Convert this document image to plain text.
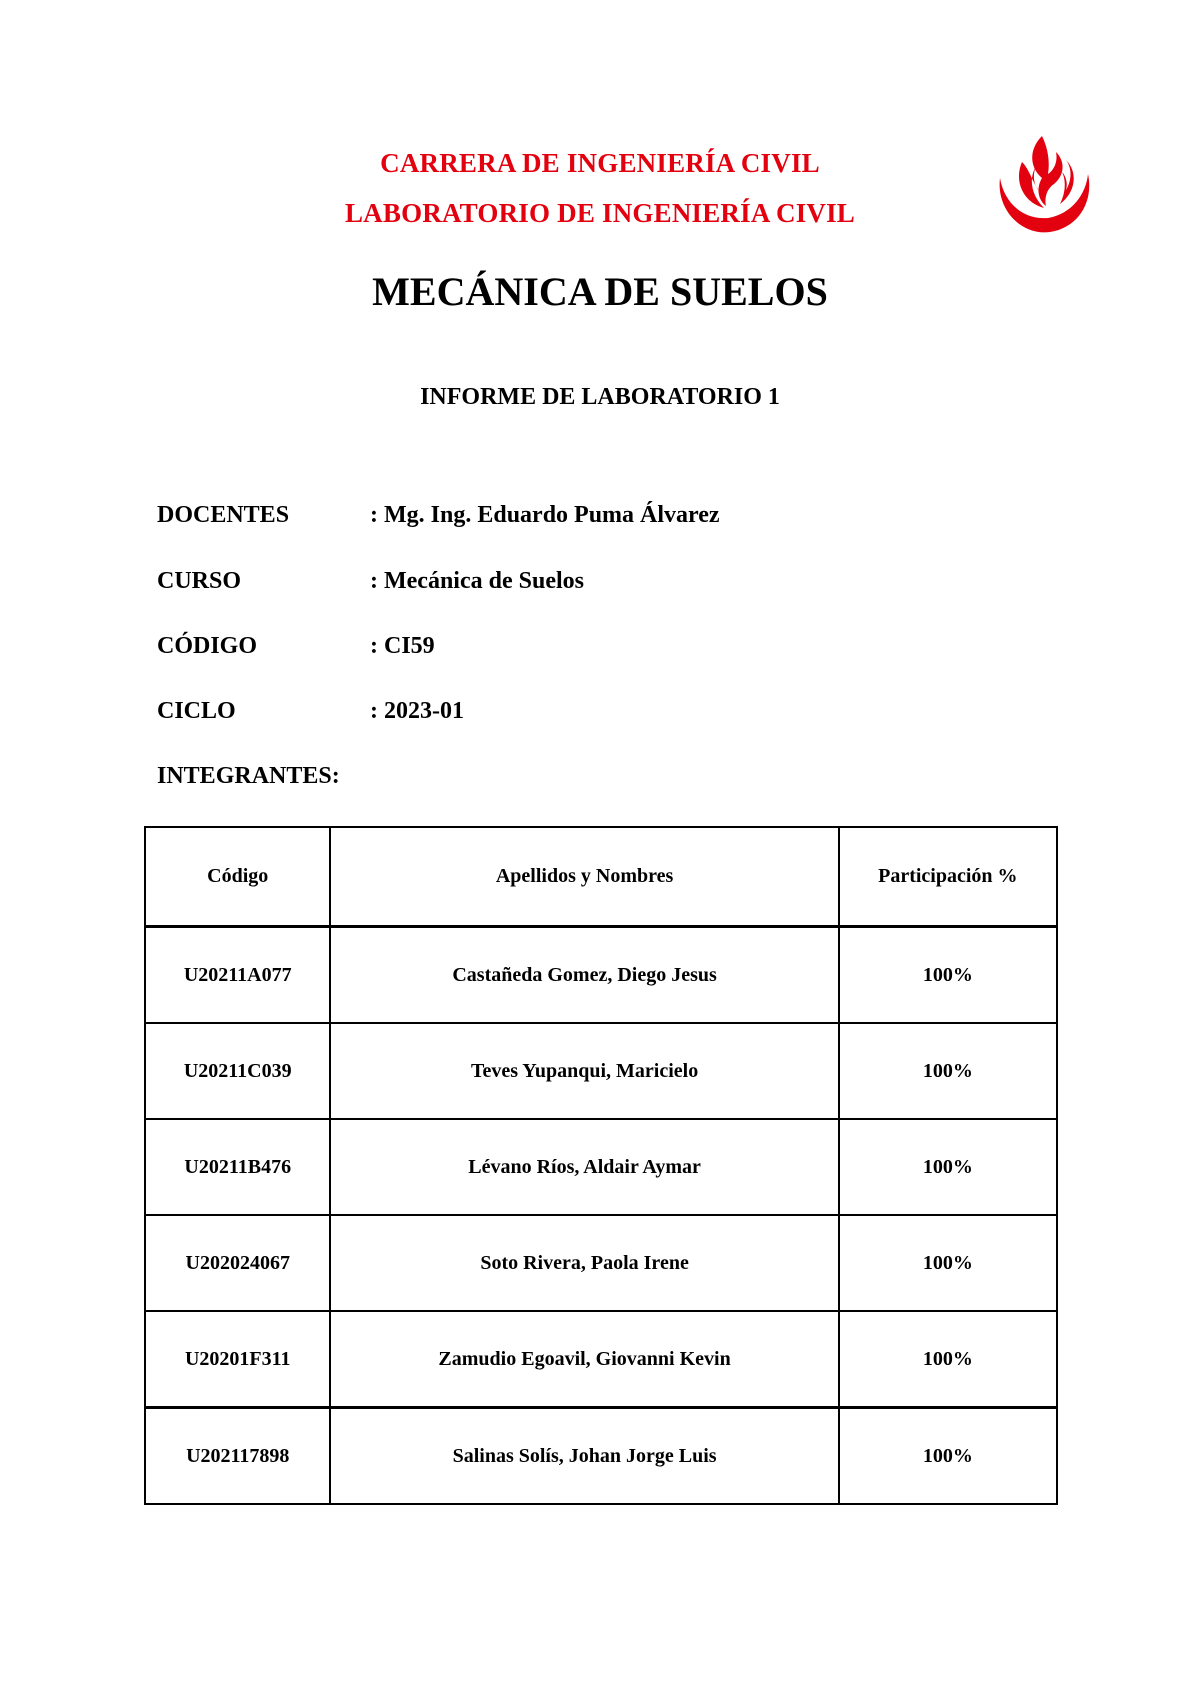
CARRERA DE INGENIERÍA CIVIL
LABORATORIO DE INGENIERÍA CIVIL
MECÁNICA DE SUELOS
INFORME DE LABORATORIO 1
DOCENTES	: Mg. Ing. Eduardo Puma Álvarez
CURSO	: Mecánica de Suelos
CÓDIGO	: CI59
CICLO	: 2023-01
INTEGRANTES:
Código	Apellidos y Nombres	Participación %
U20211A077	Castañeda Gomez, Diego Jesus	100%
U20211C039	Teves Yupanqui, Maricielo	100%
U20211B476	Lévano Ríos, Aldair Aymar	100%
U202024067	Soto Rivera, Paola Irene	100%
U20201F311	Zamudio Egoavil, Giovanni Kevin	100%
U202117898	Salinas Solís, Johan Jorge Luis	100%
